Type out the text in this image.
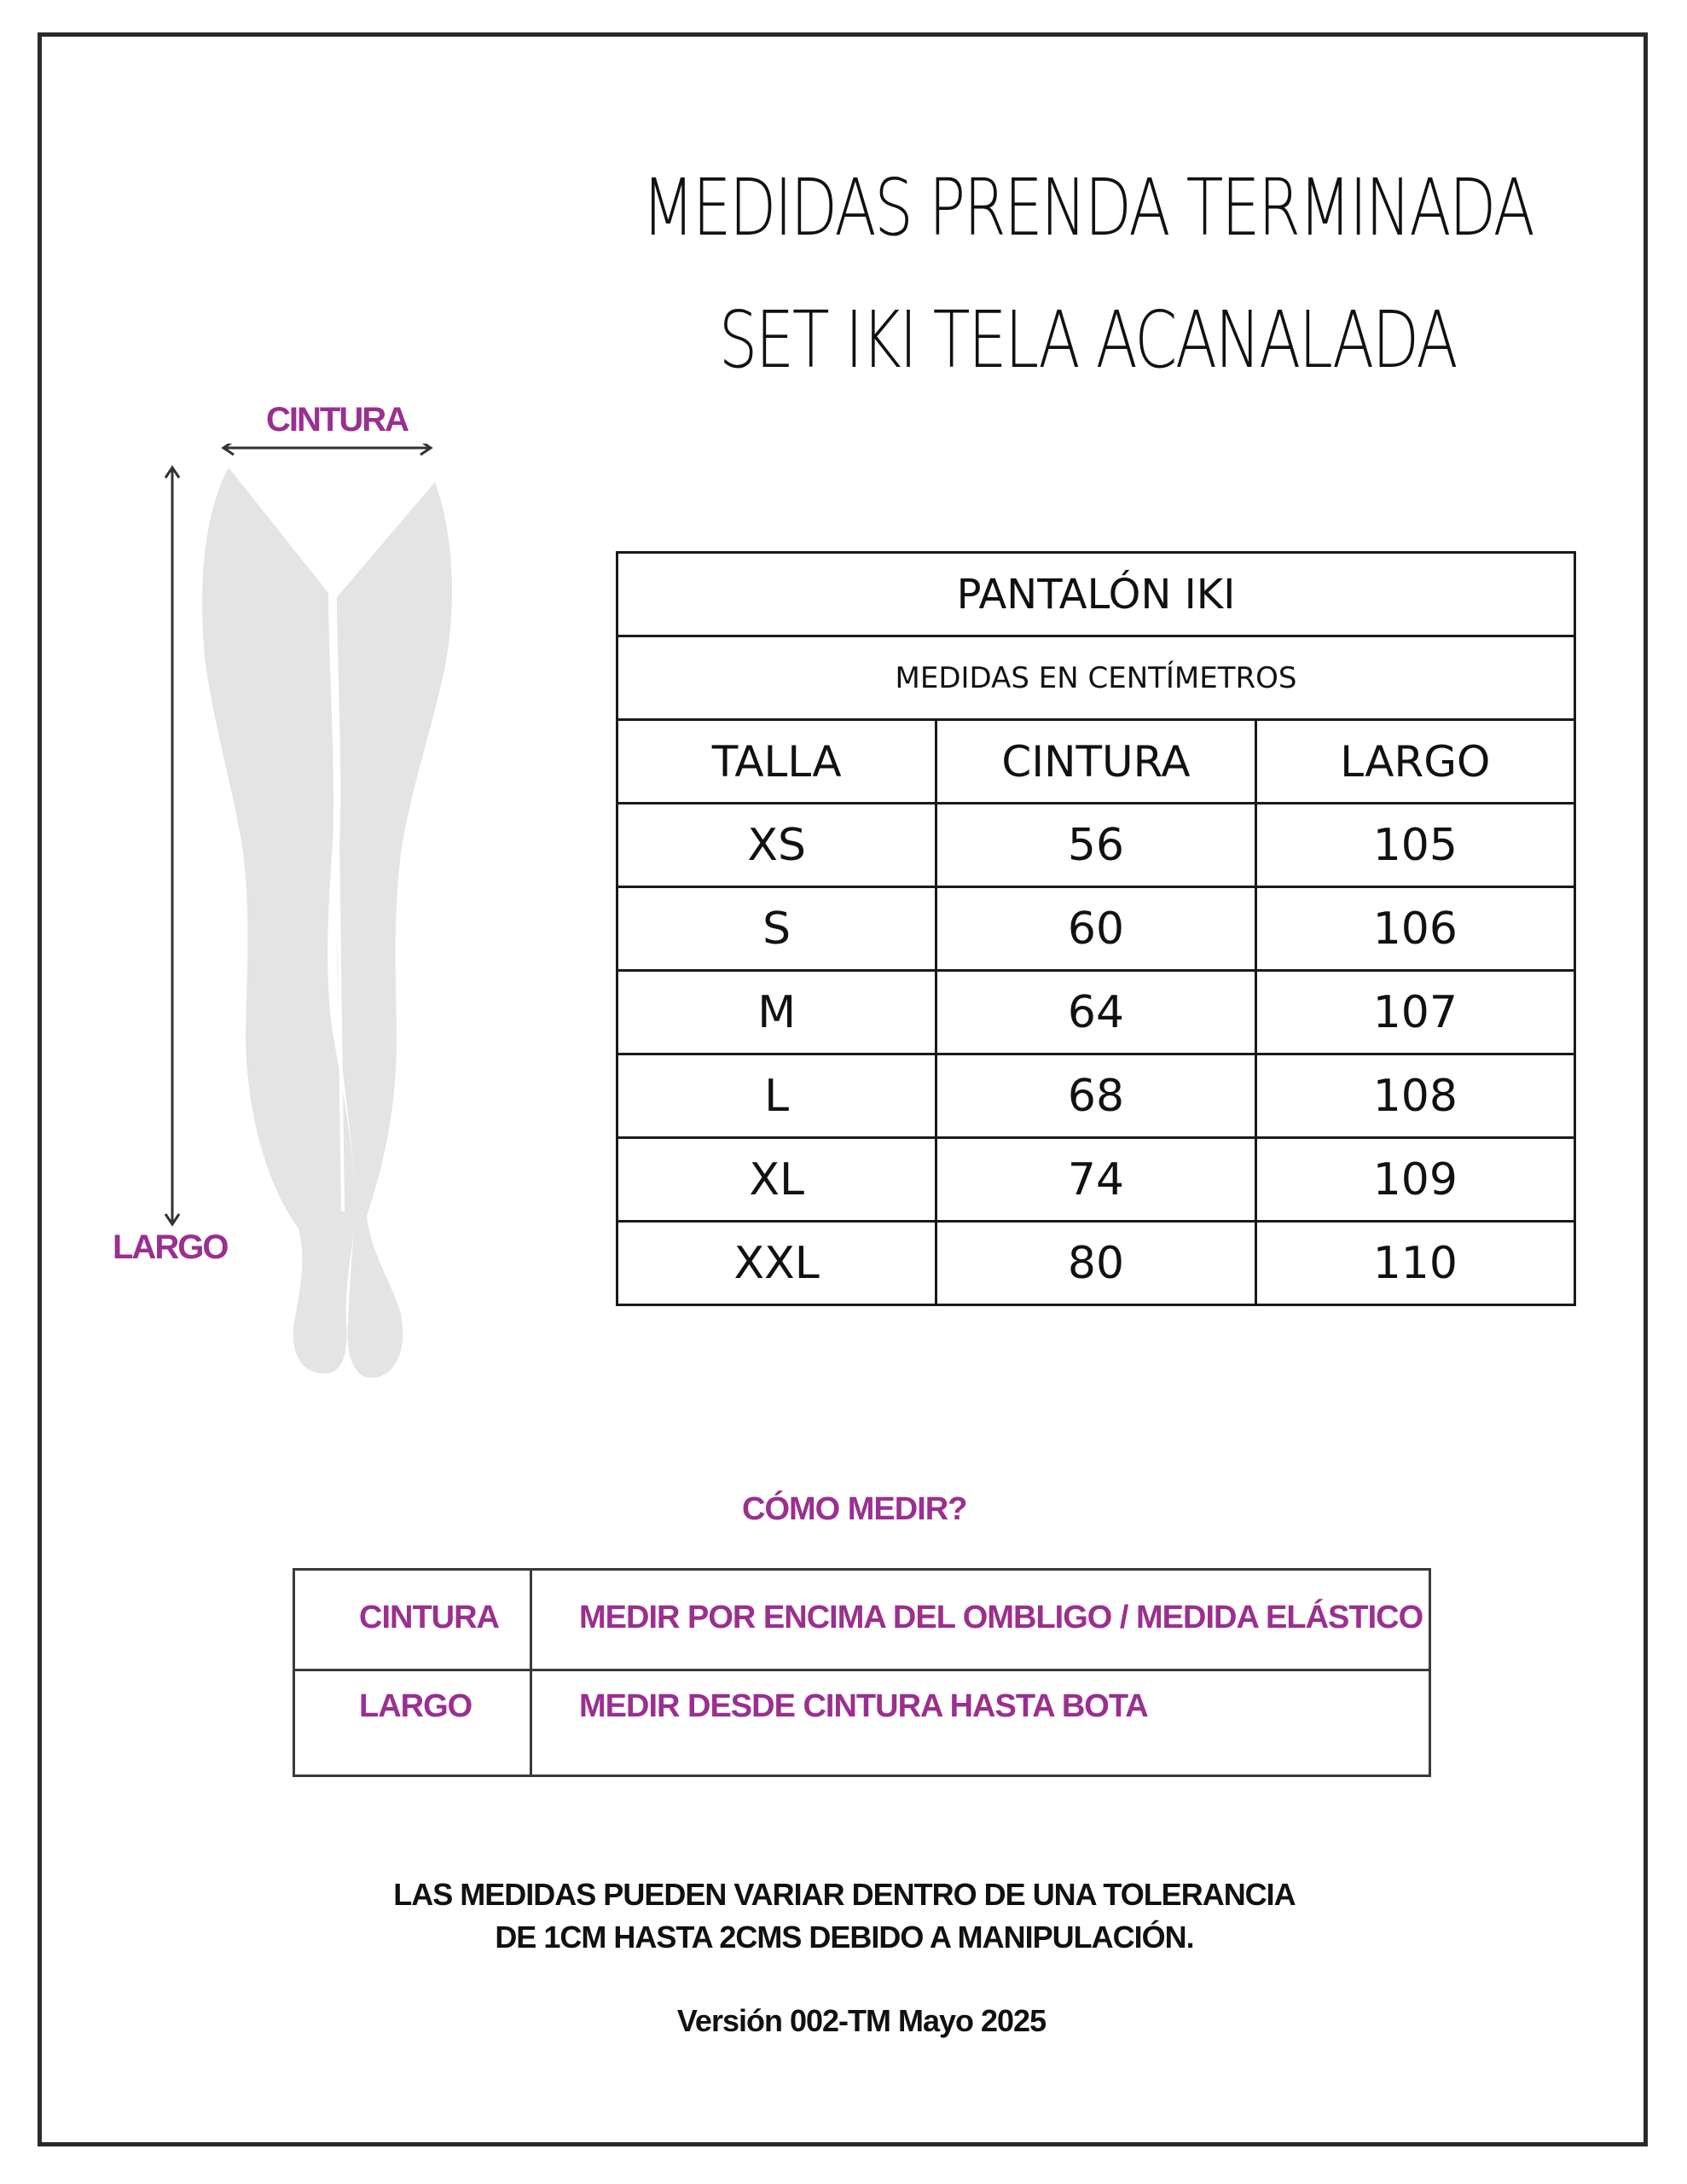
MEDIDAS PRENDA TERMINADA
SET IKI TELA ACANALADA
CINTURA
LARGO
PANTALÓN IKI		
MEDIDAS EN CENTÍMETROS		
TALLA	CINTURA	LARGO
XS	56	105
S	60	106
M	64	107
L	68	108
XL	74	109
XXL	80	110
CÓMO MEDIR?
CINTURA	MEDIR POR ENCIMA DEL OMBLIGO / MEDIDA ELÁSTICO
LARGO	MEDIR DESDE CINTURA HASTA BOTA
LAS MEDIDAS PUEDEN VARIAR DENTRO DE UNA TOLERANCIA
DE 1CM HASTA 2CMS DEBIDO A MANIPULACIÓN.
Versión 002-TM Mayo 2025
